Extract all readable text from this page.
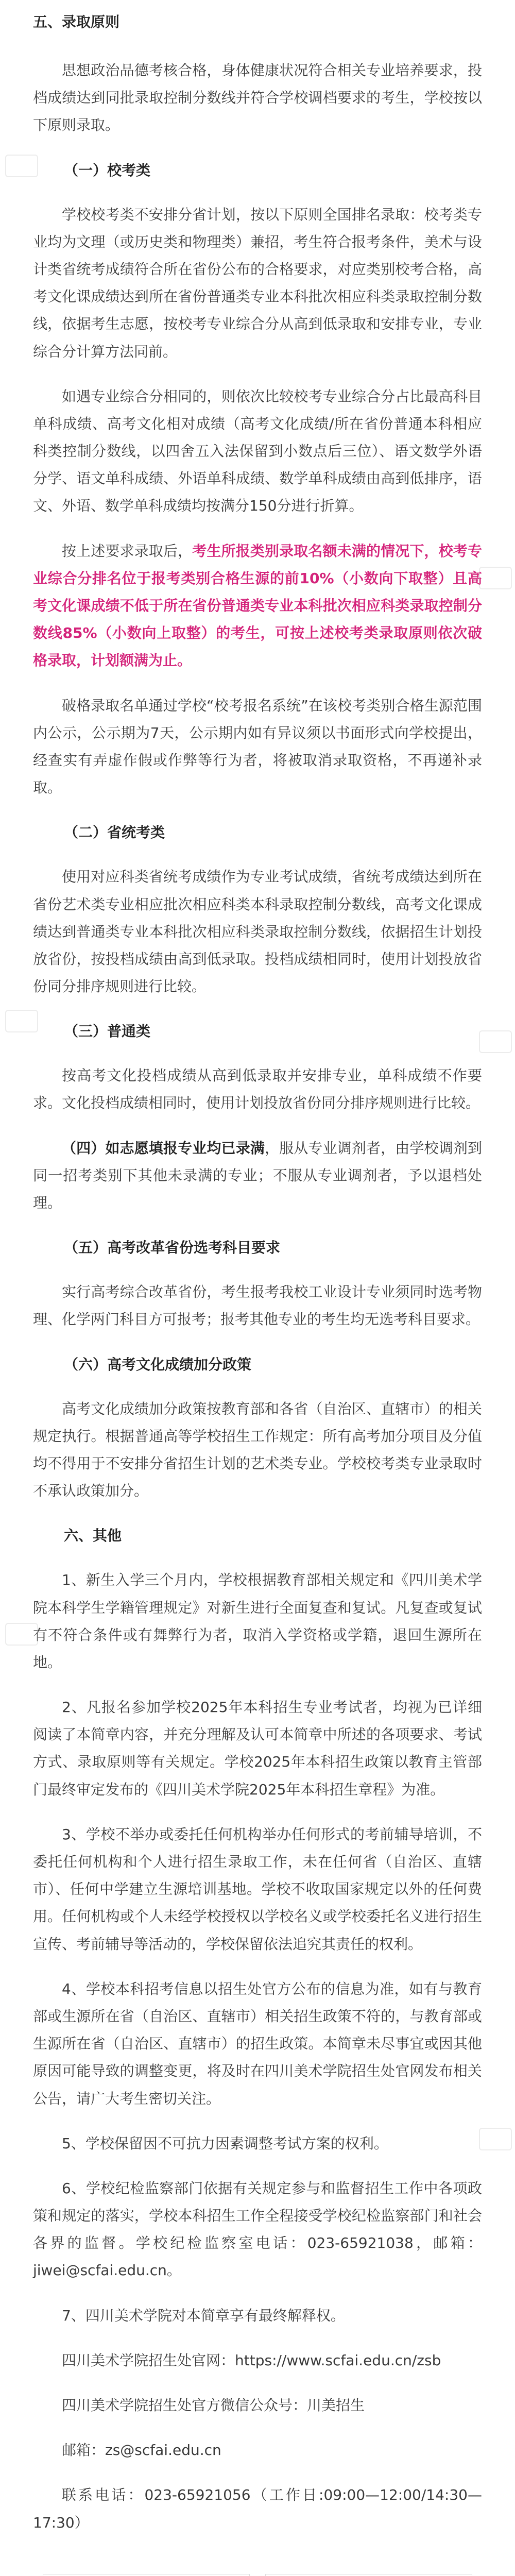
五、录取原则
思想政治品德考核合格，身体健康状况符合相关专业培养要求，投档成绩达到同批录取控制分数线并符合学校调档要求的考生，学校按以下原则录取。
（一）校考类
学校校考类不安排分省计划，按以下原则全国排名录取：校考类专业均为文理（或历史类和物理类）兼招，考生符合报考条件，美术与设计类省统考成绩符合所在省份公布的合格要求，对应类别校考合格，高考文化课成绩达到所在省份普通类专业本科批次相应科类录取控制分数线，依据考生志愿，按校考专业综合分从高到低录取和安排专业，专业综合分计算方法同前。
如遇专业综合分相同的，则依次比较校考专业综合分占比最高科目单科成绩、高考文化相对成绩（高考文化成绩/所在省份普通本科相应科类控制分数线，以四舍五入法保留到小数点后三位）、语文数学外语分学、语文单科成绩、外语单科成绩、数学单科成绩由高到低排序，语文、外语、数学单科成绩均按满分150分进行折算。
按上述要求录取后，考生所报类别录取名额未满的情况下，校考专业综合分排名位于报考类别合格生源的前10%（小数向下取整）且高考文化课成绩不低于所在省份普通类专业本科批次相应科类录取控制分数线85%（小数向上取整）的考生，可按上述校考类录取原则依次破格录取，计划额满为止。
破格录取名单通过学校“校考报名系统”在该校考类别合格生源范围内公示，公示期为7天，公示期内如有异议须以书面形式向学校提出，经查实有弄虚作假或作弊等行为者，将被取消录取资格，不再递补录取。
（二）省统考类
使用对应科类省统考成绩作为专业考试成绩，省统考成绩达到所在省份艺术类专业相应批次相应科类本科录取控制分数线，高考文化课成绩达到普通类专业本科批次相应科类录取控制分数线，依据招生计划投放省份，按投档成绩由高到低录取。投档成绩相同时，使用计划投放省份同分排序规则进行比较。
（三）普通类
按高考文化投档成绩从高到低录取并安排专业，单科成绩不作要求。文化投档成绩相同时，使用计划投放省份同分排序规则进行比较。
（四）如志愿填报专业均已录满，服从专业调剂者，由学校调剂到同一招考类别下其他未录满的专业；不服从专业调剂者，予以退档处理。
（五）高考改革省份选考科目要求
实行高考综合改革省份，考生报考我校工业设计专业须同时选考物理、化学两门科目方可报考；报考其他专业的考生均无选考科目要求。
（六）高考文化成绩加分政策
高考文化成绩加分政策按教育部和各省（自治区、直辖市）的相关规定执行。根据普通高等学校招生工作规定：所有高考加分项目及分值均不得用于不安排分省招生计划的艺术类专业。学校校考类专业录取时不承认政策加分。
六、其他
1、新生入学三个月内，学校根据教育部相关规定和《四川美术学院本科学生学籍管理规定》对新生进行全面复查和复试。凡复查或复试有不符合条件或有舞弊行为者，取消入学资格或学籍，退回生源所在地。
2、凡报名参加学校2025年本科招生专业考试者，均视为已详细阅读了本简章内容，并充分理解及认可本简章中所述的各项要求、考试方式、录取原则等有关规定。学校2025年本科招生政策以教育主管部门最终审定发布的《四川美术学院2025年本科招生章程》为准。
3、学校不举办或委托任何机构举办任何形式的考前辅导培训，不委托任何机构和个人进行招生录取工作，未在任何省（自治区、直辖市）、任何中学建立生源培训基地。学校不收取国家规定以外的任何费用。任何机构或个人未经学校授权以学校名义或学校委托名义进行招生宣传、考前辅导等活动的，学校保留依法追究其责任的权利。
4、学校本科招考信息以招生处官方公布的信息为准，如有与教育部或生源所在省（自治区、直辖市）相关招生政策不符的，与教育部或生源所在省（自治区、直辖市）的招生政策。本简章未尽事宜或因其他原因可能导致的调整变更，将及时在四川美术学院招生处官网发布相关公告，请广大考生密切关注。
5、学校保留因不可抗力因素调整考试方案的权利。
6、学校纪检监察部门依据有关规定参与和监督招生工作中各项政策和规定的落实，学校本科招生工作全程接受学校纪检监察部门和社会各界的监督。学校纪检监察室电话：023-65921038，邮箱：jiwei@scfai.edu.cn。
7、四川美术学院对本简章享有最终解释权。
四川美术学院招生处官网：https://www.scfai.edu.cn/zsb
四川美术学院招生处官方微信公众号：川美招生
邮箱：zs@scfai.edu.cn
联系电话：023-65921056（工作日:09:00—12:00/14:30—17:30）
